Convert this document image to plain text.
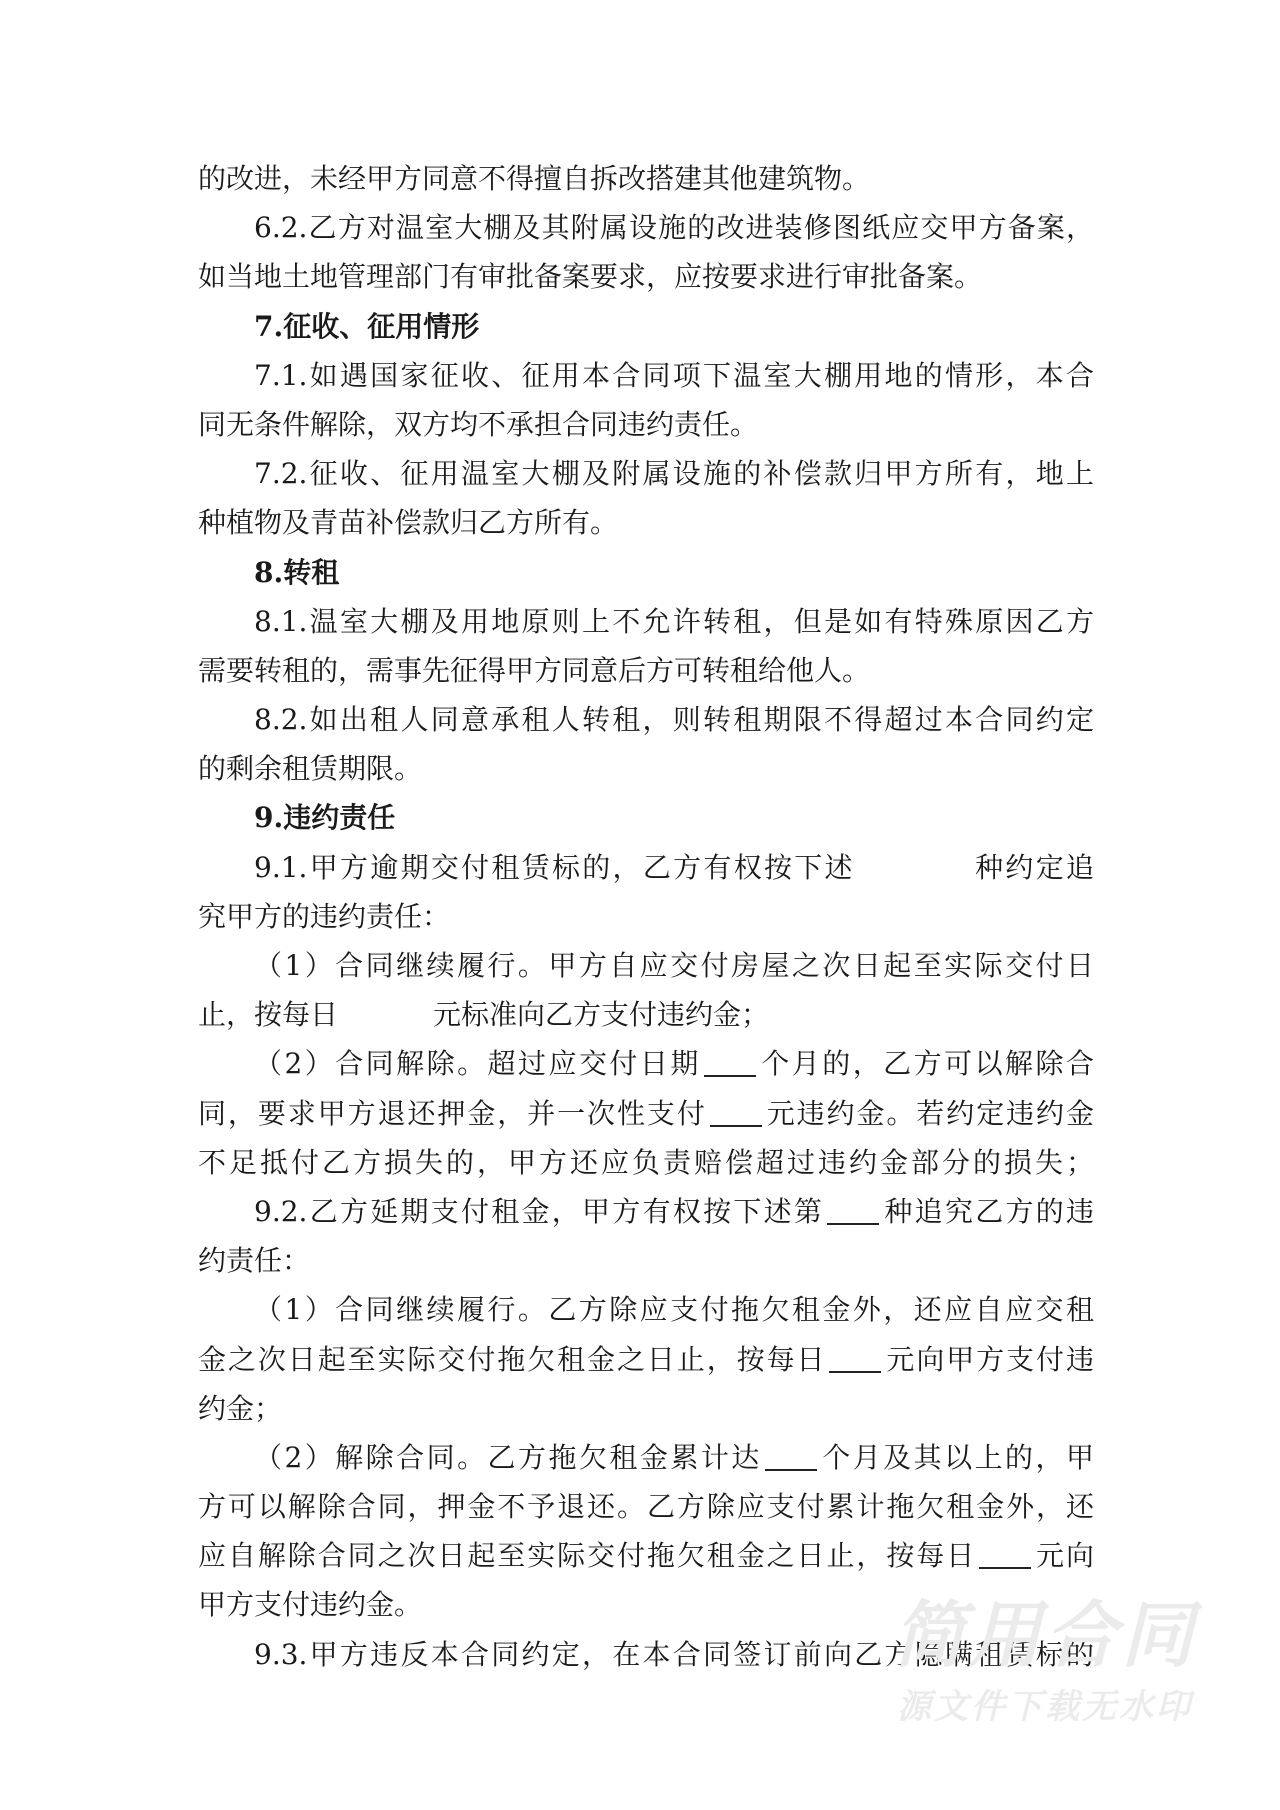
的改进，未经甲方同意不得擅自拆改搭建其他建筑物。
6.2.乙方对温室大棚及其附属设施的改进装修图纸应交甲方备案，
如当地土地管理部门有审批备案要求，应按要求进行审批备案。
7.征收、征用情形
7.1.如遇国家征收、征用本合同项下温室大棚用地的情形，本合
同无条件解除，双方均不承担合同违约责任。
7.2.征收、征用温室大棚及附属设施的补偿款归甲方所有，地上
种植物及青苗补偿款归乙方所有。
8.转租
8.1.温室大棚及用地原则上不允许转租，但是如有特殊原因乙方
需要转租的，需事先征得甲方同意后方可转租给他人。
8.2.如出租人同意承租人转租，则转租期限不得超过本合同约定
的剩余租赁期限。
9.违约责任
9.1.甲方逾期交付租赁标的，乙方有权按下述	种约定追
究甲方的违约责任：
（1）合同继续履行。甲方自应交付房屋之次日起至实际交付日
止，按每日	元标准向乙方支付违约金；
（2）合同解除。超过应交付日期 个月的，乙方可以解除合
同，要求甲方退还押金，并一次性支付 元违约金。若约定违约金
不足抵付乙方损失的，甲方还应负责赔偿超过违约金部分的损失；
9.2.乙方延期支付租金，甲方有权按下述第 种追究乙方的违
约责任：
（1）合同继续履行。乙方除应支付拖欠租金外，还应自应交租
金之次日起至实际交付拖欠租金之日止，按每日 元向甲方支付违
约金；
（2）解除合同。乙方拖欠租金累计达 个月及其以上的，甲
方可以解除合同，押金不予退还。乙方除应支付累计拖欠租金外，还
应自解除合同之次日起至实际交付拖欠租金之日止，按每日 元向
甲方支付违约金。
9.3.甲方违反本合同约定，在本合同签订前向乙方隐瞒租赁标的
简用合同
源文件下载无水印
